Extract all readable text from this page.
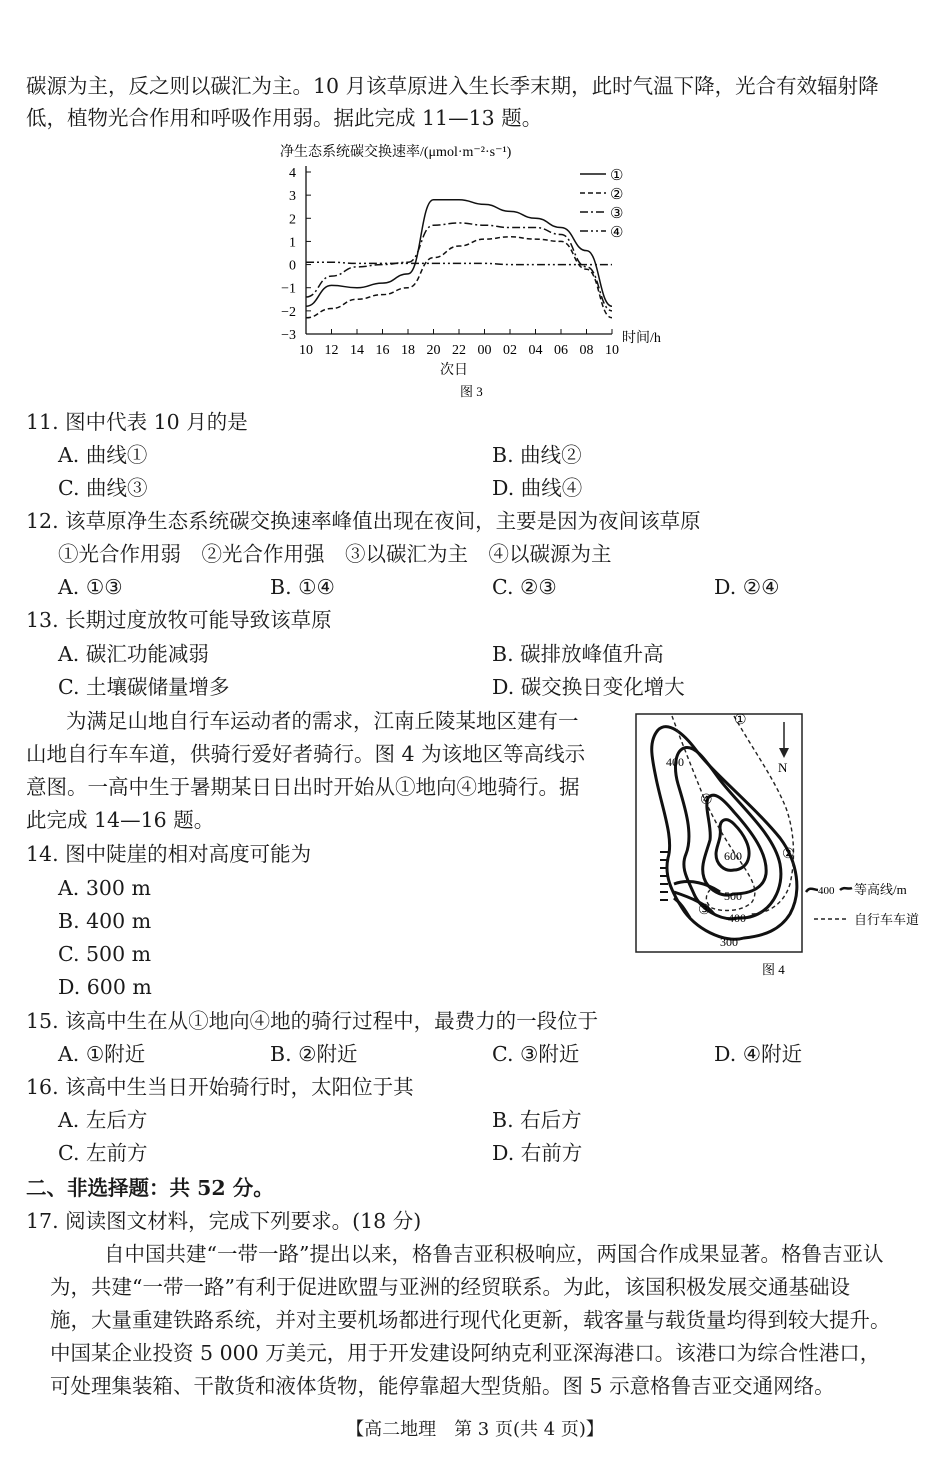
碳源为主，反之则以碳汇为主。10 月该草原进入生长季末期，此时气温下降，光合有效辐射降
低，植物光合作用和呼吸作用弱。据此完成 11—13 题。
净生态系统碳交换速率/(μmol·m⁻²·s⁻¹)
时间/h
次日
4
3
2
1
0
−1
−2
−3
10 12 14 16 18 20 22 00 02 04 06 08 10
①
②
③
④
图 3
11. 图中代表 10 月的是
A. 曲线①	B. 曲线②
C. 曲线③	D. 曲线④
12. 该草原净生态系统碳交换速率峰值出现在夜间，主要是因为夜间该草原
①光合作用弱　②光合作用强　③以碳汇为主　④以碳源为主
A. ①③	B. ①④	C. ②③	D. ②④
13. 长期过度放牧可能导致该草原
A. 碳汇功能减弱	B. 碳排放峰值升高
C. 土壤碳储量增多	D. 碳交换日变化增大
为满足山地自行车运动者的需求，江南丘陵某地区建有一
山地自行车车道，供骑行爱好者骑行。图 4 为该地区等高线示
意图。一高中生于暑期某日日出时开始从①地向④地骑行。据
此完成 14—16 题。
N
400
600
500
400
300
①
②
③
④
400 等高线/m
自行车车道
图 4
14. 图中陡崖的相对高度可能为
A. 300 m
B. 400 m
C. 500 m
D. 600 m
15. 该高中生在从①地向④地的骑行过程中，最费力的一段位于
A. ①附近	B. ②附近	C. ③附近	D. ④附近
16. 该高中生当日开始骑行时，太阳位于其
A. 左后方	B. 右后方
C. 左前方	D. 右前方
二、非选择题：共 52 分。
17. 阅读图文材料，完成下列要求。(18 分)
自中国共建“一带一路”提出以来，格鲁吉亚积极响应，两国合作成果显著。格鲁吉亚认
为，共建“一带一路”有利于促进欧盟与亚洲的经贸联系。为此，该国积极发展交通基础设
施，大量重建铁路系统，并对主要机场都进行现代化更新，载客量与载货量均得到较大提升。
中国某企业投资 5 000 万美元，用于开发建设阿纳克利亚深海港口。该港口为综合性港口，
可处理集装箱、干散货和液体货物，能停靠超大型货船。图 5 示意格鲁吉亚交通网络。
【高二地理　第 3 页(共 4 页)】
